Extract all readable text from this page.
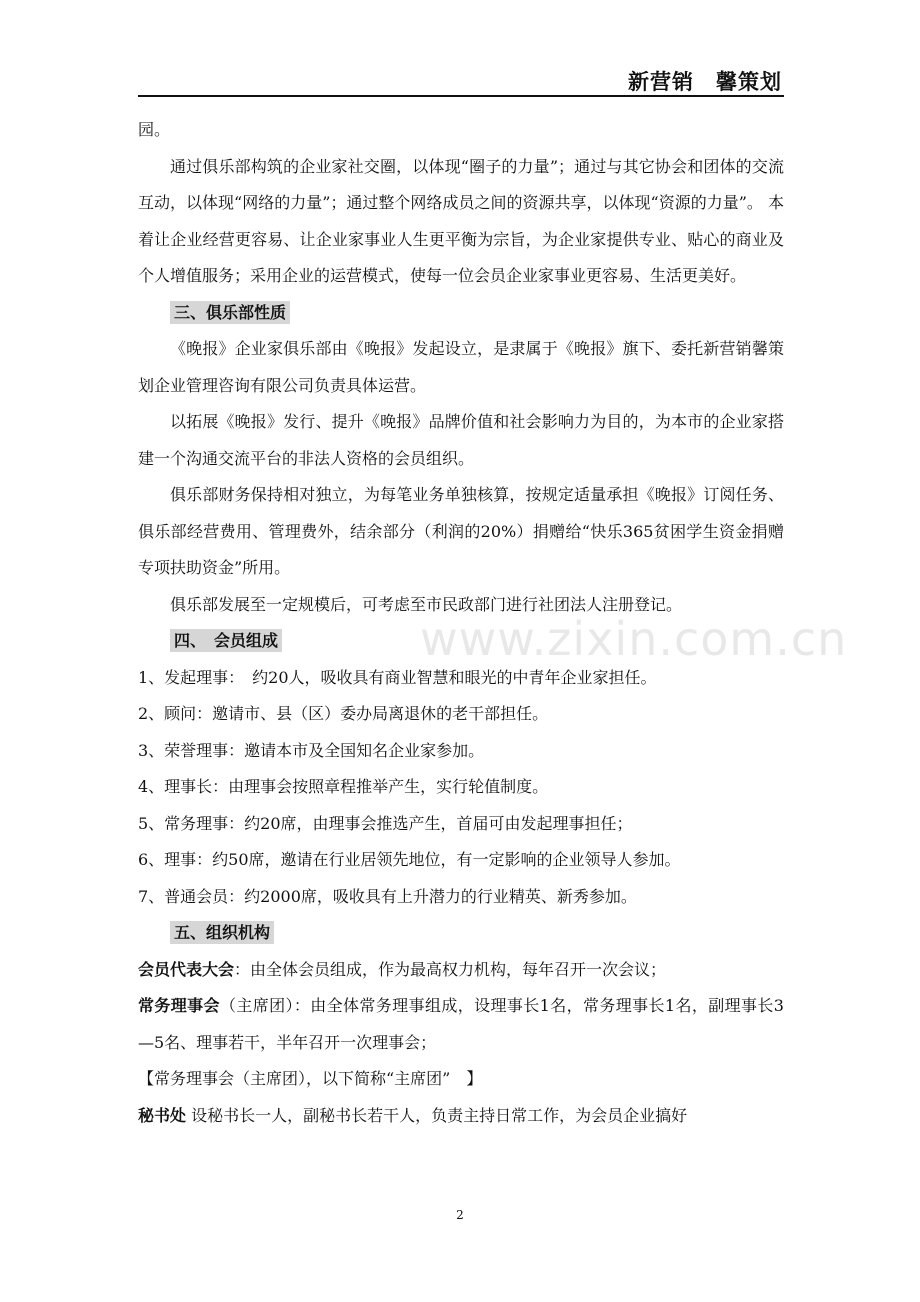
新营销　馨策划
www.zixin.com.cn

园。

通过俱乐部构筑的企业家社交圈，以体现“圈子的力量”；通过与其它协会和团体的交流互动，以体现“网络的力量”；通过整个网络成员之间的资源共享，以体现“资源的力量”。 本着让企业经营更容易、让企业家事业人生更平衡为宗旨，为企业家提供专业、贴心的商业及个人增值服务；采用企业的运营模式，使每一位会员企业家事业更容易、生活更美好。

三、俱乐部性质

《晚报》企业家俱乐部由《晚报》发起设立，是隶属于《晚报》旗下、委托新营销馨策划企业管理咨询有限公司负责具体运营。

以拓展《晚报》发行、提升《晚报》品牌价值和社会影响力为目的，为本市的企业家搭建一个沟通交流平台的非法人资格的会员组织。

俱乐部财务保持相对独立，为每笔业务单独核算，按规定适量承担《晚报》订阅任务、俱乐部经营费用、管理费外，结余部分（利润的20%）捐赠给“快乐365贫困学生资金捐赠专项扶助资金”所用。

俱乐部发展至一定规模后，可考虑至市民政部门进行社团法人注册登记。

四、　会员组成

1、发起理事：　约20人，吸收具有商业智慧和眼光的中青年企业家担任。

2、顾问：邀请市、县（区）委办局离退休的老干部担任。

3、荣誉理事：邀请本市及全国知名企业家参加。

4、理事长：由理事会按照章程推举产生，实行轮值制度。

5、常务理事：约20席，由理事会推选产生，首届可由发起理事担任；

6、理事：约50席，邀请在行业居领先地位，有一定影响的企业领导人参加。

7、普通会员：约2000席，吸收具有上升潜力的行业精英、新秀参加。

五、组织机构

会员代表大会：由全体会员组成，作为最高权力机构，每年召开一次会议；

常务理事会（主席团）：由全体常务理事组成，设理事长1名，常务理事长1名，副理事长3—5名、理事若干，半年召开一次理事会；

【常务理事会（主席团），以下简称“主席团”　】

秘书处 设秘书长一人，副秘书长若干人，负责主持日常工作，为会员企业搞好

2
